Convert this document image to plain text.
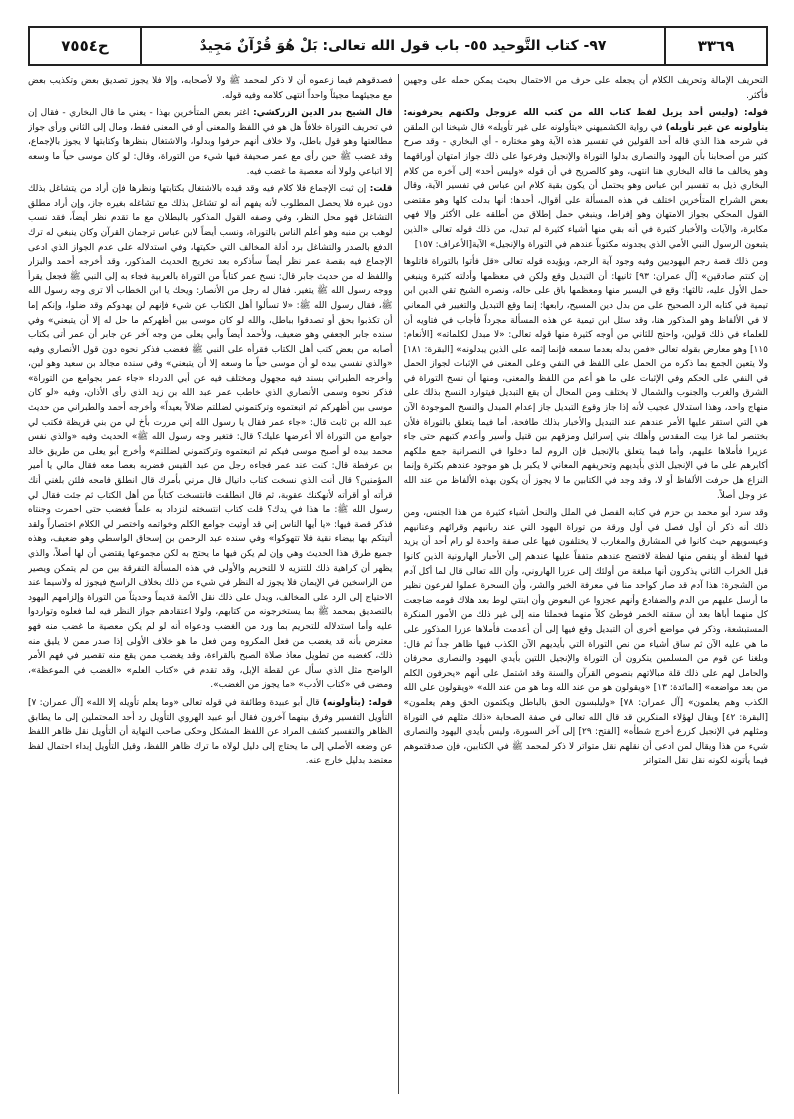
ح٧٥٥٤	٩٧- كتاب التَّوحيد ٥٥- باب قول الله تعالى: بَلْ هُوَ قُرْآنٌ مَجِيدٌ	٣٣٦٩

التحريف الإمالة وتحريف الكلام أن يجعله على حرف من الاحتمال بحيث يمكن حمله على وجهين فأكثر.

قوله: (وليس أحد يزيل لفظ كتاب الله من كتب الله عزوجل ولكنهم يحرفونه: يتأولونه عن غير تأويله) في رواية الكشميهني «يتأولونه على غير تأويله» قال شيخنا ابن الملقن في شرحه هذا الذي قاله أحد القولين في تفسير هذه الآية وهو مختاره - أي البخاري - وقد صرح كثير من أصحابنا بأن اليهود والنصارى بدلوا التوراة والإنجيل وفرعوا على ذلك جواز امتهان أوراقهما وهو يخالف ما قاله البخاري هنا انتهى، وهو كالصريح في أن قوله «وليس أحد» إلى آخره من كلام البخاري ذيل به تفسير ابن عباس وهو يحتمل أن يكون بقية كلام ابن عباس في تفسير الآية، وقال بعض الشراح المتأخرين اختلف في هذه المسألة على أقوال، أحدها: أنها بدلت كلها وهو مقتضى القول المحكي بجواز الامتهان وهو إفراط، وينبغي حمل إطلاق من أطلقه على الأكثر وإلا فهي مكابرة، والآيات والأخبار كثيرة في أنه بقي منها أشياء كثيرة لم تبدل، من ذلك قوله تعالى «الذين يتبعون الرسول النبي الأمي الذي يجدونه مكتوباً عندهم في التوراة والإنجيل» الآية[الأعراف: ١٥٧]

ومن ذلك قصة رجم اليهوديين وفيه وجود آية الرجم، ويؤيده قوله تعالى «قل فأتوا بالتوراة فاتلوها إن كنتم صادقين» [آل عمران: ٩٣] ثانيها: أن التبديل وقع ولكن في معظمها وأدلته كثيرة وينبغي حمل الأول عليه، ثالثها: وقع في اليسير منها ومعظمها باق على حاله، ونصره الشيخ تقي الدين ابن تيمية في كتابه الرد الصحيح على من بدل دين المسيح، رابعها: إنما وقع التبديل والتغيير في المعاني لا في الألفاظ وهو المذكور هنا، وقد سئل ابن تيمية عن هذه المسألة مجرداً فأجاب في فتاويه أن للعلماء في ذلك قولين، واحتج للثاني من أوجه كثيرة منها قوله تعالى: «لا مبدل لكلماته» [الأنعام: ١١٥] وهو معارض بقوله تعالى «فمن بدله بعدما سمعه فإنما إثمه على الذين يبدلونه» [البقرة: ١٨١] ولا يتعين الجمع بما ذكره من الحمل على اللفظ في النفي وعلى المعنى في الإثبات لجواز الحمل في النفي على الحكم وفي الإثبات على ما هو أعم من اللفظ والمعنى، ومنها أن نسخ التوراة في الشرق والغرب والجنوب والشمال لا يختلف ومن المحال أن يقع التبديل فيتوارد النسخ بذلك على منهاج واحد، وهذا استدلال عجيب لأنه إذا جاز وقوع التبديل جاز إعدام المبدل والنسخ الموجودة الآن هي التي استقر عليها الأمر عندهم عند التبديل والأخبار بذلك طافحة، أما فيما يتعلق بالتوراة فلأن بختنصر لما غزا بيت المقدس وأهلك بني إسرائيل ومزقهم بين قتيل وأسير وأعدم كتبهم حتى جاء عزيرا فأملاها عليهم، وأما فيما يتعلق بالإنجيل فإن الروم لما دخلوا في النصرانية جمع ملكهم أكابرهم على ما في الإنجيل الذي بأيديهم وتحريفهم المعاني لا يكبر بل هو موجود عندهم بكثرة وإنما النزاع هل حرفت الألفاظ أو لا، وقد وجد في الكتابين ما لا يجوز أن يكون بهذه الألفاظ من عند الله عز وجل أصلاً.

وقد سرد أبو محمد بن حزم في كتابه الفصل في الملل والنحل أشياء كثيرة من هذا الجنس، ومن ذلك أنه ذكر أن أول فصل في أول ورقة من توراة اليهود التي عند ربانيهم وقرائهم وعنانيهم وعيسويهم حيث كانوا في المشارق والمغارب لا يختلفون فيها على صفة واحدة لو رام أحد أن يزيد فيها لفظة أو ينقص منها لفظة لافتضح عندهم متفقاً عليها عندهم إلى الأحبار الهارونية الذين كانوا قبل الخراب الثاني يذكرون أنها مبلغة من أولئك إلى عزرا الهاروني، وأن الله تعالى قال لما أكل آدم من الشجرة: هذا آدم قد صار كواحد منا في معرفة الخير والشر، وأن السحرة عملوا لفرعون نظير ما أرسل عليهم من الدم والضفادع وأنهم عجزوا عن البعوض وأن ابنتي لوط بعد هلاك قومه ضاجعت كل منهما أباها بعد أن سقته الخمر فوطئ كلاً منهما فحملتا منه إلى غير ذلك من الأمور المنكرة المستبشعة، وذكر في مواضع أخرى أن التبديل وقع فيها إلى أن أعدمت فأملاها عزرا المذكور على ما هي عليه الآن ثم ساق أشياء من نص التوراة التي بأيديهم الآن الكذب فيها ظاهر جداً ثم قال: وبلغنا عن قوم من المسلمين ينكرون أن التوراة والإنجيل اللتين بأيدي اليهود والنصارى محرفان والحامل لهم على ذلك قلة مبالاتهم بنصوص القرآن والسنة وقد اشتمل على أنهم «يحرفون الكلم من بعد مواضعه» [المائدة: ١٣] «ويقولون هو من عند الله وما هو من عند الله» «ويقولون على الله الكذب وهم يعلمون» [آل عمران: ٧٨] «وليلبسون الحق بالباطل ويكتمون الحق وهم يعلمون» [البقرة: ٤٢] ويقال لهؤلاء المنكرين قد قال الله تعالى في صفة الصحابة «ذلك مثلهم في التوراة ومثلهم في الإنجيل كزرع أخرج شطأه» [الفتح: ٢٩] إلى آخر السورة، وليس بأيدي اليهود والنصارى شيء من هذا ويقال لمن ادعى أن نقلهم نقل متواتر لا ذكر لمحمد ﷺ في الكتابين، فإن صدقتموهم فيما يأتونه لكونه نقل نقل المتواتر

فصدقوهم فيما زعموه أن لا ذكر لمحمد ﷺ ولا لأصحابه، وإلا فلا يجوز تصديق بعض وتكذيب بعض مع مجيئهما مجيئاً واحداً انتهى كلامه وفيه قوله.

قال الشيخ بدر الدين الزركشي: اغتر بعض المتأخرين بهذا - يعني ما قال البخاري - فقال إن في تحريف التوراة خلافاً هل هو في اللفظ والمعنى أو في المعنى فقط، ومال إلى الثاني ورأى جواز مطالعتها وهو قول باطل، ولا خلاف أنهم حرفوا وبدلوا، والاشتغال بنظرها وكتابتها لا يجوز بالإجماع، وقد غضب ﷺ حين رأى مع عمر صحيفة فيها شيء من التوراة، وقال: لو كان موسى حياً ما وسعه إلا اتباعي ولولا أنه معصية ما غضب فيه.

قلت: إن ثبت الإجماع فلا كلام فيه وقد قيده بالاشتغال بكتابتها ونظرها فإن أراد من يتشاغل بذلك دون غيره فلا يحصل المطلوب لأنه يفهم أنه لو تشاغل بذلك مع تشاغله بغيره جاز، وإن أراد مطلق التشاغل فهو محل النظر، وفي وصفه القول المذكور بالبطلان مع ما تقدم نظر أيضاً، فقد نسب لوهب بن منبه وهو أعلم الناس بالتوراة، ونسب أيضاً لابن عباس ترجمان القرآن وكان ينبغي له ترك الدفع بالصدر والتشاغل برد أدلة المخالف التي حكيتها، وفي استدلاله على عدم الجواز الذي ادعى الإجماع فيه بقصة عمر نظر أيضاً سأذكره بعد تخريج الحديث المذكور، وقد أخرجه أحمد والبزار واللفظ له من حديث جابر قال: نسخ عمر كتاباً من التوراة بالعربية فجاء به إلى النبي ﷺ فجعل يقرأ ووجه رسول الله ﷺ يتغير. فقال له رجل من الأنصار: ويحك يا ابن الخطاب ألا ترى وجه رسول الله ﷺ، فقال رسول الله ﷺ: «لا تسألوا أهل الكتاب عن شيء فإنهم لن يهدوكم وقد ضلوا، وإنكم إما أن تكذبوا بحق أو تصدقوا بباطل، والله لو كان موسى بين أظهركم ما حل له إلا أن يتبعني» وفي سنده جابر الجعفي وهو ضعيف، ولأحمد أيضاً وأبي يعلى من وجه آخر عن جابر أن عمر أتى بكتاب أصابه من بعض كتب أهل الكتاب فقرأه على النبي ﷺ فغضب فذكر نحوه دون قول الأنصاري وفيه «والذي نفسي بيده لو أن موسى حياً ما وسعه إلا أن يتبعني» وفي سنده مجالد بن سعيد وهو لين، وأخرجه الطبراني بسند فيه مجهول ومختلف فيه عن أبي الدرداء «جاء عمر بجوامع من التوراة» فذكر نحوه وسمى الأنصاري الذي خاطب عمر عبد الله بن زيد الذي رأى الأذان، وفيه «لو كان موسى بين أظهركم ثم اتبعتموه وتركتموني لضللتم ضلالاً بعيداً» وأخرجه أحمد والطبراني من حديث عبد الله بن ثابت قال: «جاء عمر فقال يا رسول الله إني مررت بأخ لي من بني قريظة فكتب لي جوامع من التوراة ألا أعرضها عليك؟ قال: فتغير وجه رسول الله ﷺ» الحديث وفيه «والذي نفس محمد بيده لو أصبح موسى فيكم ثم اتبعتموه وتركتموني لضللتم» وأخرج أبو يعلى من طريق خالد بن عرفطة قال: كنت عند عمر فجاءه رجل من عبد القيس فضربه بعصا معه فقال مالي يا أمير المؤمنين؟ قال أنت الذي نسخت كتاب دانيال قال مرني بأمرك قال انطلق فامحه فلئن بلغني أنك قرأته أو أقرأته لأنهكنك عقوبة، ثم قال انطلقت فانتسخت كتاباً من أهل الكتاب ثم جئت فقال لي رسول الله ﷺ: ما هذا في يدك؟ قلت كتاب انتسخته لنزداد به علماً فغضب حتى احمرت وجنتاه فذكر قصة فيها: «يا أيها الناس إني قد أوتيت جوامع الكلم وخواتمه واختصر لي الكلام اختصاراً ولقد أتيتكم بها بيضاء نقية فلا تتهوكوا» وفي سنده عبد الرحمن بن إسحاق الواسطي وهو ضعيف، وهذه جميع طرق هذا الحديث وهي وإن لم يكن فيها ما يحتج به لكن مجموعها يقتضي أن لها أصلاً، والذي يظهر أن كراهية ذلك للتنزيه لا للتحريم والأولى في هذه المسألة التفرقة بين من لم يتمكن ويصير من الراسخين في الإيمان فلا يجوز له النظر في شيء من ذلك بخلاف الراسخ فيجوز له ولاسيما عند الاحتياج إلى الرد على المخالف، ويدل على ذلك نقل الأئمة قديماً وحديثاً من التوراة وإلزامهم اليهود بالتصديق بمحمد ﷺ بما يستخرجونه من كتابهم، ولولا اعتقادهم جواز النظر فيه لما فعلوه وتواردوا عليه وأما استدلاله للتحريم بما ورد من الغضب ودعواه أنه لو لم يكن معصية ما غضب منه فهو معترض بأنه قد يغضب من فعل المكروه ومن فعل ما هو خلاف الأولى إذا صدر ممن لا يليق منه ذلك، كغضبه من تطويل معاذ صلاة الصبح بالقراءة، وقد يغضب ممن يقع منه تقصير في فهم الأمر الواضح مثل الذي سأل عن لقطة الإبل، وقد تقدم في «كتاب العلم» «الغضب في الموعظة»، ومضى في «كتاب الأدب» «ما يجوز من الغضب».

قوله: (يتأولونه) قال أبو عبيدة وطائفة في قوله تعالى «وما يعلم تأويله إلا الله» [آل عمران: ٧] التأويل التفسير وفرق بينهما آخرون فقال أبو عبيد الهروي التأويل رد أحد المحتملين إلى ما يطابق الظاهر والتفسير كشف المراد عن اللفظ المشكل وحكى صاحب النهاية أن التأويل نقل ظاهر اللفظ عن وضعه الأصلي إلى ما يحتاج إلى دليل لولاه ما ترك ظاهر اللفظ، وقيل التأويل إبداء احتمال لفظ معتضد بدليل خارج عنه.
